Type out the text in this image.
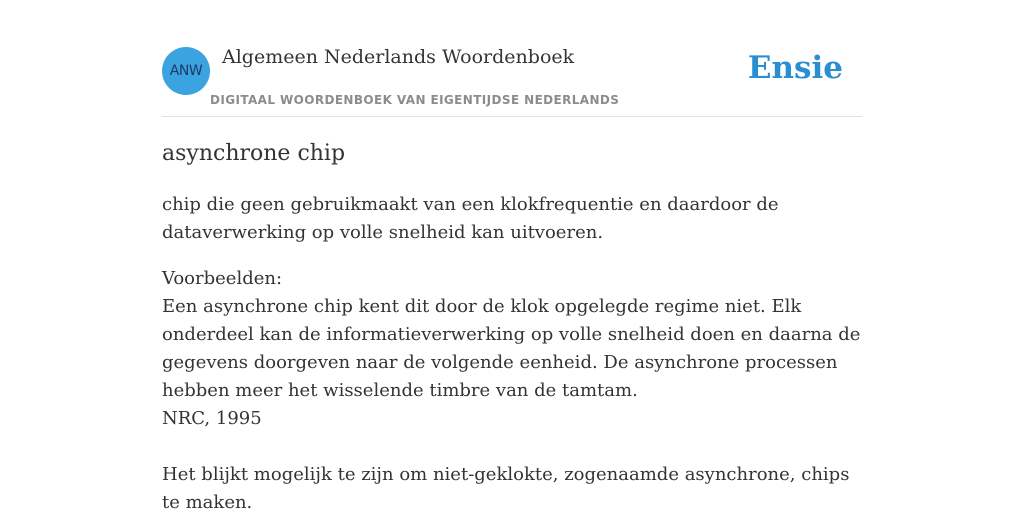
ANW
Algemeen Nederlands Woordenboek
DIGITAAL WOORDENBOEK VAN EIGENTIJDSE NEDERLANDS
Ensie
asynchrone chip

chip die geen gebruikmaakt van een klokfrequentie en daardoor de dataverwerking op volle snelheid kan uitvoeren.

Voorbeelden:
Een asynchrone chip kent dit door de klok opgelegde regime niet. Elk onderdeel kan de informatieverwerking op volle snelheid doen en daarna de gegevens doorgeven naar de volgende eenheid. De asynchrone processen hebben meer het wisselende timbre van de tamtam.
NRC, 1995
Het blijkt mogelijk te zijn om niet-geklokte, zogenaamde asynchrone, chips te maken.
